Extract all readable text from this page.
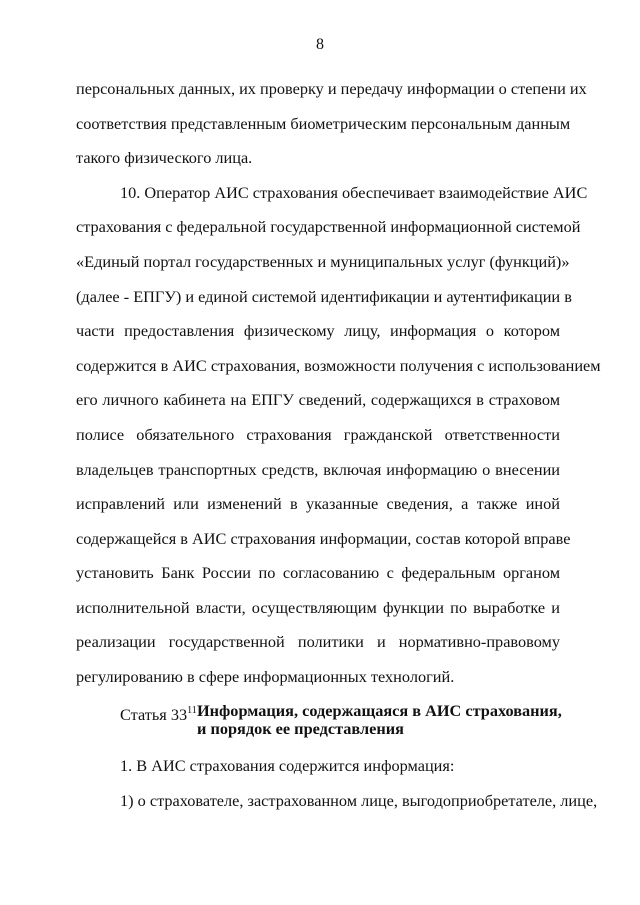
8
персональных данных, их проверку и передачу информации о степени их
соответствия представленным биометрическим персональным данным
такого физического лица.
10. Оператор АИС страхования обеспечивает взаимодействие АИС
страхования с федеральной государственной информационной системой
«Единый портал государственных и муниципальных услуг (функций)»
(далее - ЕПГУ) и единой системой идентификации и аутентификации в
части предоставления физическому лицу, информация о котором
содержится в АИС страхования, возможности получения с использованием
его личного кабинета на ЕПГУ сведений, содержащихся в страховом
полисе обязательного страхования гражданской ответственности
владельцев транспортных средств, включая информацию о внесении
исправлений или изменений в указанные сведения, а также иной
содержащейся в АИС страхования информации, состав которой вправе
установить Банк России по согласованию с федеральным органом
исполнительной власти, осуществляющим функции по выработке и
реализации государственной политики и нормативно-правовому
регулированию в сфере информационных технологий.
Статья $33^{11}$ Информация, содержащаяся в АИС страхования,
и порядок ее представления
1. В АИС страхования содержится информация:
1) о страхователе, застрахованном лице, выгодоприобретателе, лице,
